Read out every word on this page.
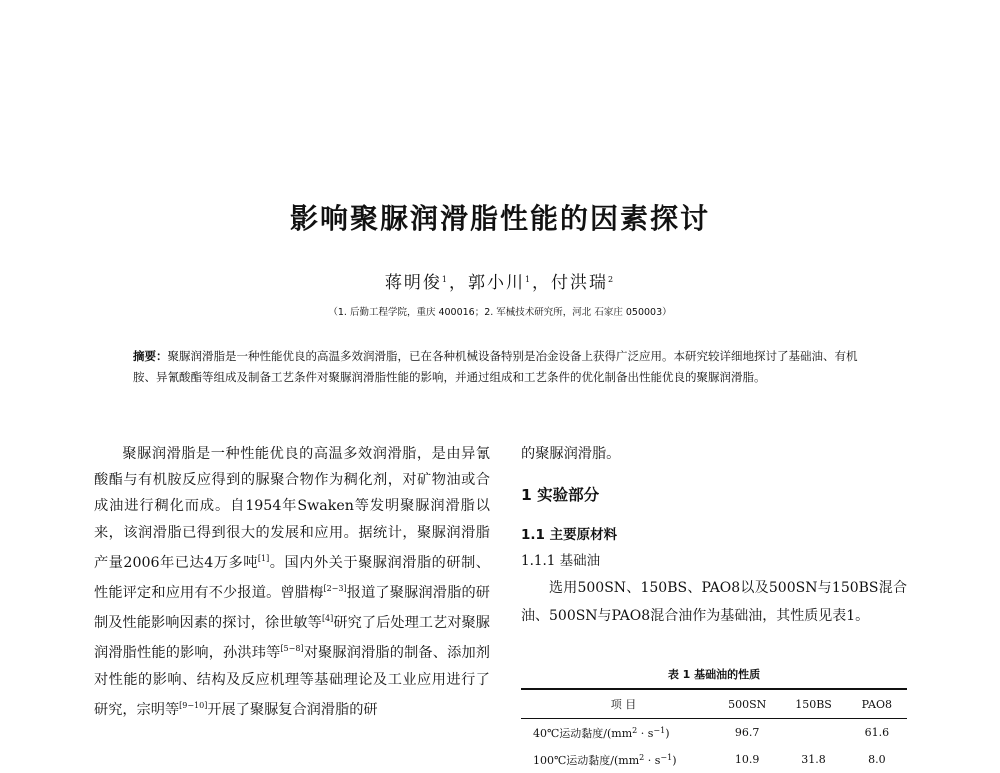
影响聚脲润滑脂性能的因素探讨
蒋明俊$^1$，郭小川$^1$，付洪瑞$^2$
（1. 后勤工程学院，重庆 400016；2. 军械技术研究所，河北 石家庄 050003）
摘要：聚脲润滑脂是一种性能优良的高温多效润滑脂，已在各种机械设备特别是冶金设备上获得广泛应用。本研究较详细地探讨了基础油、有机胺、异氰酸酯等组成及制备工艺条件对聚脲润滑脂性能的影响，并通过组成和工艺条件的优化制备出性能优良的聚脲润滑脂。

聚脲润滑脂是一种性能优良的高温多效润滑脂，是由异氰酸酯与有机胺反应得到的脲聚合物作为稠化剂，对矿物油或合成油进行稠化而成。自1954年Swaken等发明聚脲润滑脂以来，该润滑脂已得到很大的发展和应用。据统计，聚脲润滑脂产量2006年已达4万多吨[1]。国内外关于聚脲润滑脂的研制、性能评定和应用有不少报道。曾腊梅[2−3]报道了聚脲润滑脂的研制及性能影响因素的探讨，徐世敏等[4]研究了后处理工艺对聚脲润滑脂性能的影响，孙洪玮等[5−8]对聚脲润滑脂的制备、添加剂对性能的影响、结构及反应机理等基础理论及工业应用进行了研究，宗明等[9−10]开展了聚脲复合润滑脂的研

的聚脲润滑脂。
1 实验部分
1.1 主要原材料
1.1.1 基础油

选用500SN、150BS、PAO8以及500SN与150BS混合油、500SN与PAO8混合油作为基础油，其性质见表1。

表 1 基础油的性质
项 目	500SN	150BS	PAO8
40℃运动黏度$/(mm^2 \cdot s^{-1})$	96.7		61.6
100℃运动黏度$/(mm^2 \cdot s^{-1})$	10.9	31.8	8.0
